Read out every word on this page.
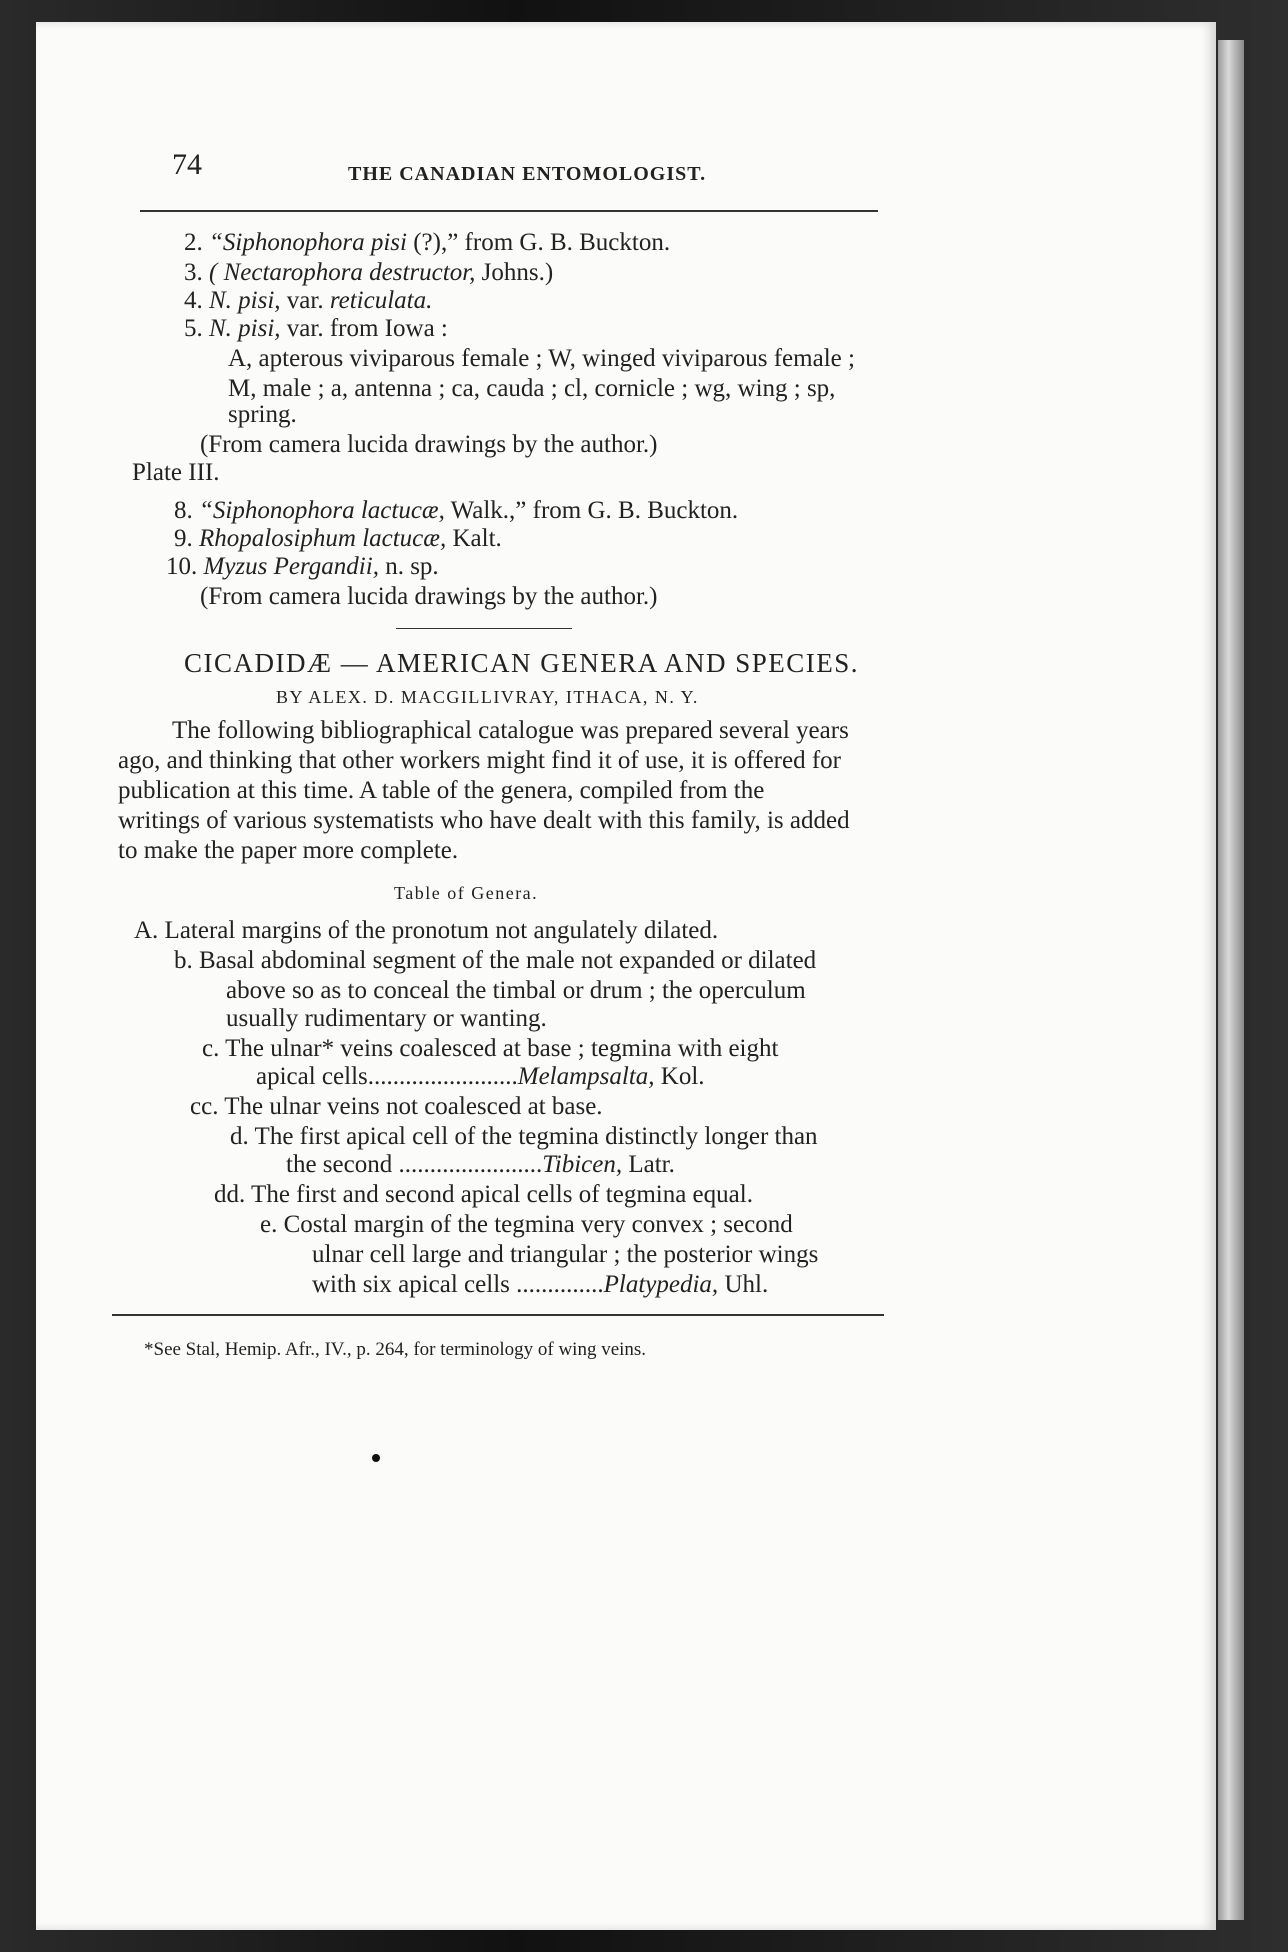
74	THE CANADIAN ENTOMOLOGIST.
2. “Siphonophora pisi (?),” from G. B. Buckton.
3. ( Nectarophora destructor, Johns.)
4. N. pisi, var. reticulata.
5. N. pisi, var. from Iowa :
A, apterous viviparous female ; W, winged viviparous female ;
M, male ; a, antenna ; ca, cauda ; cl, cornicle ; wg, wing ; sp,
spring.
(From camera lucida drawings by the author.)
Plate III.
8. “Siphonophora lactucæ, Walk.,” from G. B. Buckton.
9. Rhopalosiphum lactucæ, Kalt.
10. Myzus Pergandii, n. sp.
(From camera lucida drawings by the author.)
CICADIDÆ — AMERICAN GENERA AND SPECIES.
BY ALEX. D. MACGILLIVRAY, ITHACA, N. Y.
The following bibliographical catalogue was prepared several years
ago, and thinking that other workers might find it of use, it is offered for
publication at this time. A table of the genera, compiled from the
writings of various systematists who have dealt with this family, is added
to make the paper more complete.
Table of Genera.
A. Lateral margins of the pronotum not angulately dilated.
b. Basal abdominal segment of the male not expanded or dilated
above so as to conceal the timbal or drum ; the operculum
usually rudimentary or wanting.
c. The ulnar* veins coalesced at base ; tegmina with eight
apical cells........................Melampsalta, Kol.
cc. The ulnar veins not coalesced at base.
d. The first apical cell of the tegmina distinctly longer than
the second .......................Tibicen, Latr.
dd. The first and second apical cells of tegmina equal.
e. Costal margin of the tegmina very convex ; second
ulnar cell large and triangular ; the posterior wings
with six apical cells ..............Platypedia, Uhl.
*See Stal, Hemip. Afr., IV., p. 264, for terminology of wing veins.
